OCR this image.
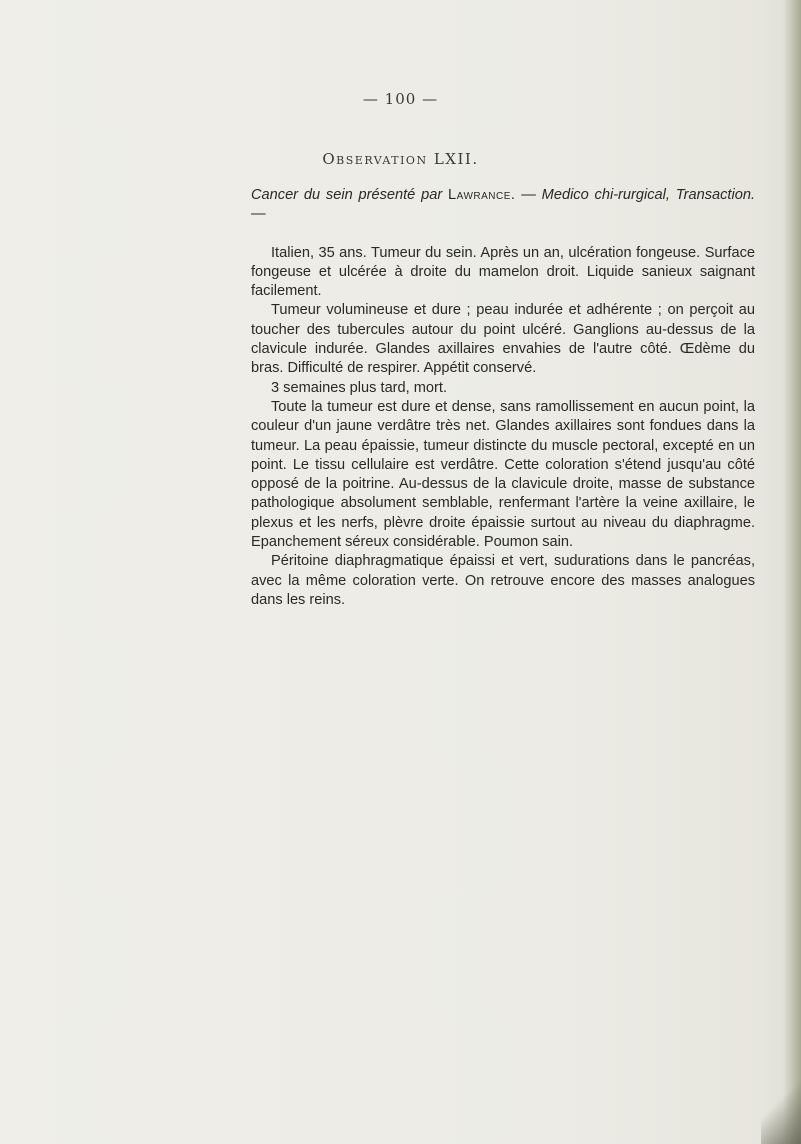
— 100 —
Observation LXII.

Cancer du sein présenté par Lawrance. — Medico chi-rurgical, Transaction. —

Italien, 35 ans. Tumeur du sein. Après un an, ulcération fongeuse. Surface fongeuse et ulcérée à droite du mamelon droit. Liquide sanieux saignant facilement.

Tumeur volumineuse et dure ; peau indurée et adhérente ; on perçoit au toucher des tubercules autour du point ulcéré. Ganglions au-dessus de la clavicule indurée. Glandes axillaires envahies de l'autre côté. Œdème du bras. Difficulté de respirer. Appétit conservé.

3 semaines plus tard, mort.

Toute la tumeur est dure et dense, sans ramollissement en aucun point, la couleur d'un jaune verdâtre très net. Glandes axillaires sont fondues dans la tumeur. La peau épaissie, tumeur distincte du muscle pectoral, excepté en un point. Le tissu cellulaire est verdâtre. Cette coloration s'étend jusqu'au côté opposé de la poitrine. Au-dessus de la clavicule droite, masse de substance pathologique absolument semblable, renfermant l'artère la veine axillaire, le plexus et les nerfs, plèvre droite épaissie surtout au niveau du diaphragme. Epanchement séreux considérable. Poumon sain.

Péritoine diaphragmatique épaissi et vert, sudurations dans le pancréas, avec la même coloration verte. On retrouve encore des masses analogues dans les reins.
